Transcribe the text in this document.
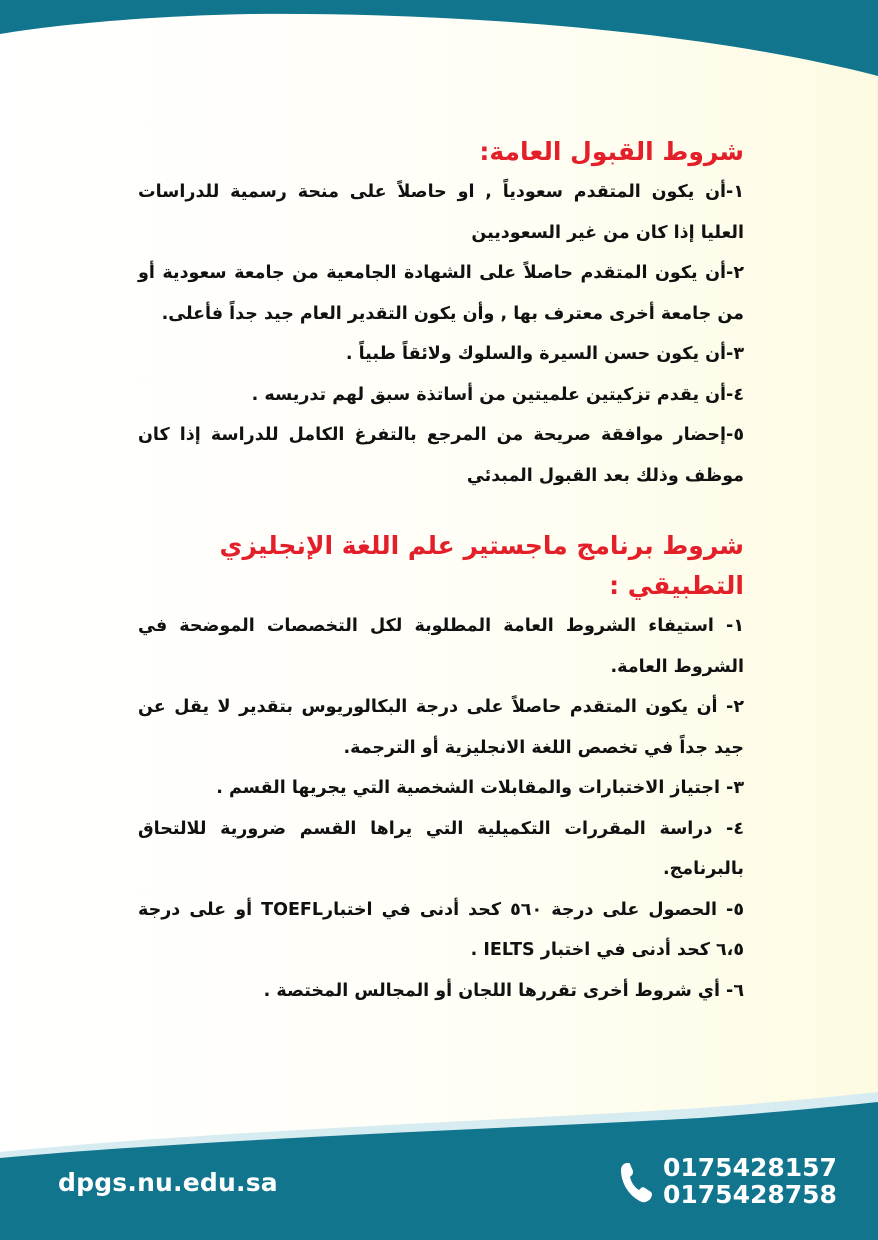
شروط القبول العامة:

١-أن يكون المتقدم سعودياً , او حاصلاً على منحة رسمية للدراسات العليا إذا كان من غير السعوديين

٢-أن يكون المتقدم حاصلاً على الشهادة الجامعية من جامعة سعودية أو من جامعة أخرى معترف بها , وأن يكون التقدير العام جيد جداً فأعلى.

٣-أن يكون حسن السيرة والسلوك ولائقاً طبياً .

٤-أن يقدم تزكيتين علميتين من أساتذة سبق لهم تدريسه .

٥-إحضار موافقة صريحة من المرجع بالتفرغ الكامل للدراسة إذا كان موظف وذلك بعد القبول المبدئي

شروط برنامج ماجستير علم اللغة الإنجليزي التطبيقي :

١- استيفاء الشروط العامة المطلوبة لكل التخصصات الموضحة في الشروط العامة.

٢- أن يكون المتقدم حاصلاً على درجة البكالوريوس بتقدير لا يقل عن جيد جداً في تخصص اللغة الانجليزية أو الترجمة.

٣- اجتياز الاختبارات والمقابلات الشخصية التي يجريها القسم .

٤- دراسة المقررات التكميلية التي يراها القسم ضرورية للالتحاق بالبرنامج.

٥- الحصول على درجة ٥٦٠ كحد أدنى في اختبارTOEFL أو على درجة ٦،٥ كحد أدنى في اختبار IELTS .

٦- أي شروط أخرى تقررها اللجان أو المجالس المختصة .

dpgs.nu.edu.sa
0175428157
0175428758
